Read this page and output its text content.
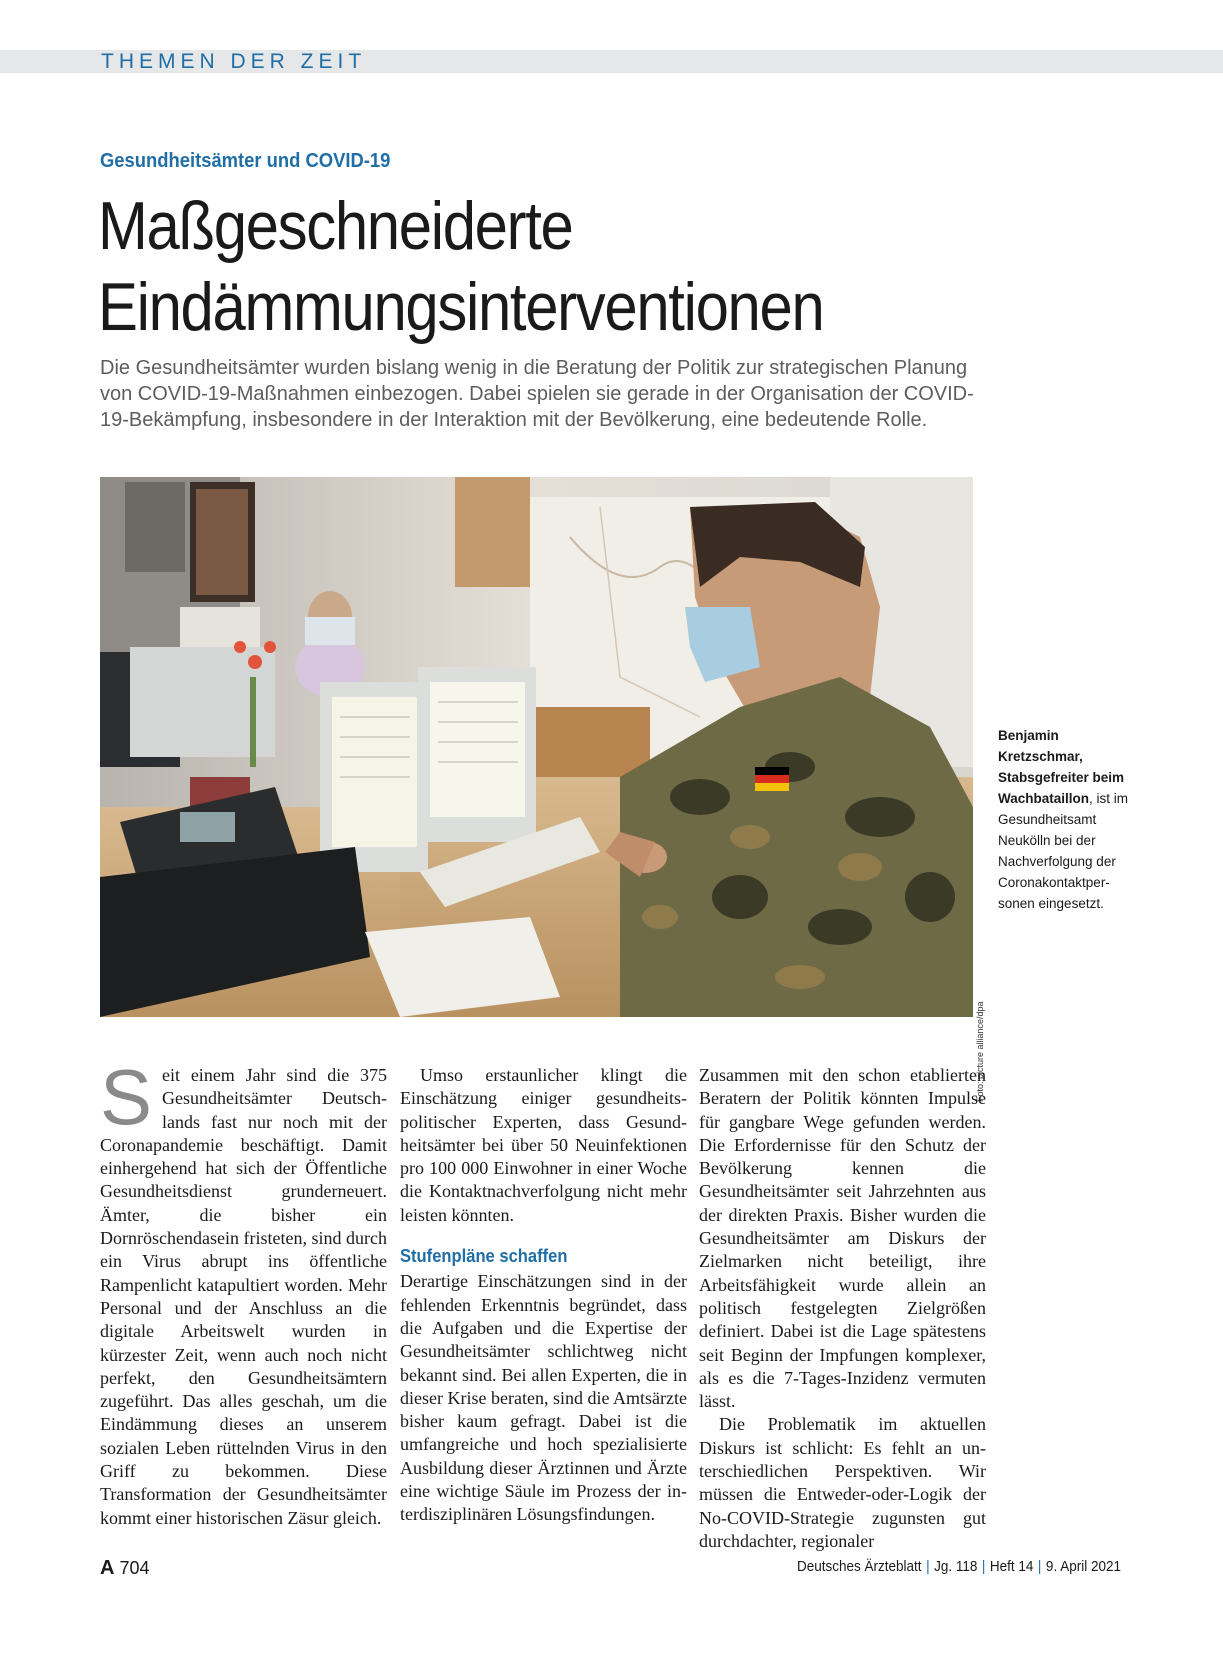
THEMEN DER ZEIT
Gesundheitsämter und COVID-19
Maßgeschneiderte
Eindämmungsinterventionen

Die Gesundheitsämter wurden bislang wenig in die Beratung der Politik zur strategischen Planung von COVID-19-Maßnahmen einbezogen. Dabei spielen sie gerade in der Organisation der COVID-19-Bekämpfung, insbesondere in der Interaktion mit der Bevölkerung, eine bedeutende Rolle.

Foto: picture alliance/dpa
Benjamin Kretzschmar, Stabsgefreiter beim Wachbataillon, ist im Gesundheitsamt Neukölln bei der Nachverfolgung der Coronakontaktpersonen eingesetzt.
S eit einem Jahr sind die 375 Gesundheitsämter Deutschlands fast nur noch mit der Coronapandemie beschäftigt. Damit einhergehend hat sich der Öffentliche Gesundheitsdienst grunderneuert. Ämter, die bisher ein Dornröschendasein fristeten, sind durch ein Virus abrupt ins öffentliche Rampenlicht katapultiert worden. Mehr Personal und der Anschluss an die digitale Arbeitswelt wurden in kürzester Zeit, wenn auch noch nicht perfekt, den Gesundheitsämtern zugeführt. Das alles geschah, um die Eindämmung dieses an unserem sozialen Leben rüttelnden Virus in den Griff zu bekommen. Diese Transformation der Gesundheitsämter kommt einer historischen Zäsur gleich.

Umso erstaunlicher klingt die Einschätzung einiger gesundheitspolitischer Experten, dass Gesundheitsämter bei über 50 Neuinfektionen pro 100 000 Einwohner in einer Woche die Kontaktnachverfolgung nicht mehr leisten könnten.

Stufenpläne schaffen

Derartige Einschätzungen sind in der fehlenden Erkenntnis begründet, dass die Aufgaben und die Expertise der Gesundheitsämter schlichtweg nicht bekannt sind. Bei allen Experten, die in dieser Krise beraten, sind die Amtsärzte bisher kaum gefragt. Dabei ist die umfangreiche und hoch spezialisierte Ausbildung dieser Ärztinnen und Ärzte eine wichtige Säule im Prozess der interdisziplinären Lösungsfindungen.

Zusammen mit den schon etablierten Beratern der Politik könnten Impulse für gangbare Wege gefunden werden. Die Erfordernisse für den Schutz der Bevölkerung kennen die Gesundheitsämter seit Jahrzehnten aus der direkten Praxis. Bisher wurden die Gesundheitsämter am Diskurs der Zielmarken nicht beteiligt, ihre Arbeitsfähigkeit wurde allein an politisch festgelegten Zielgrößen definiert. Dabei ist die Lage spätestens seit Beginn der Impfungen komplexer, als es die 7-Tages-Inzidenz vermuten lässt.

Die Problematik im aktuellen Diskurs ist schlicht: Es fehlt an unterschiedlichen Perspektiven. Wir müssen die Entweder-oder-Logik der No-COVID-Strategie zugunsten gut durchdachter, regionaler

A 704	Deutsches Ärzteblatt | Jg. 118 | Heft 14 | 9. April 2021
